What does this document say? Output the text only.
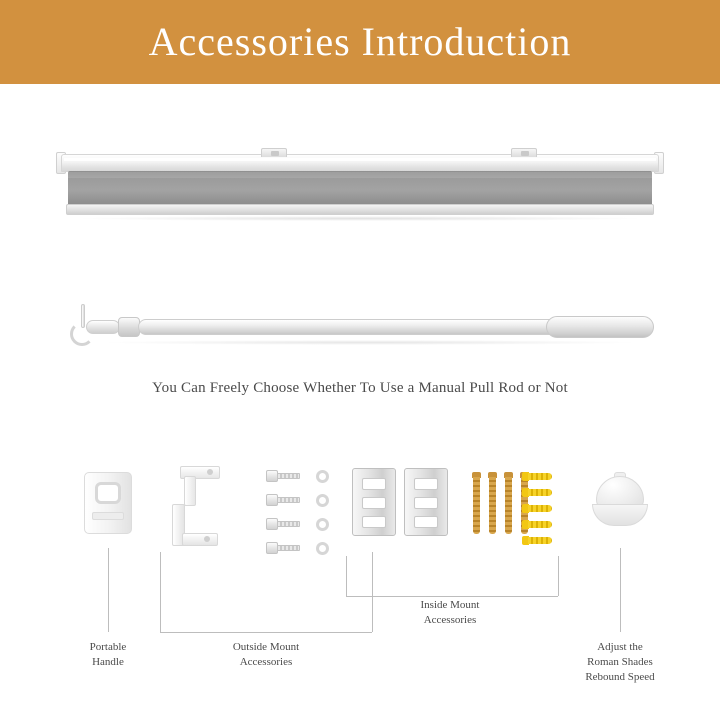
Accessories Introduction
You Can Freely Choose Whether To Use a Manual Pull Rod or Not
Portable
Handle
Outside Mount
Accessories
Inside Mount
Accessories
Adjust the
Roman Shades
Rebound Speed
